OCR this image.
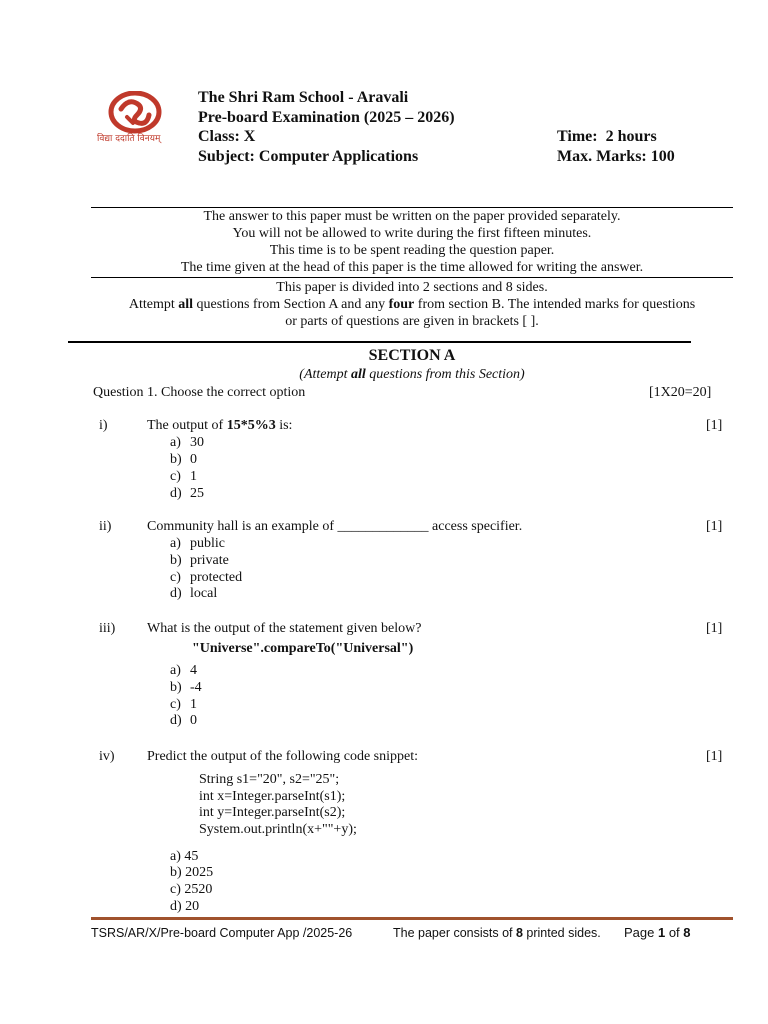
विद्या ददाति विनयम्
The Shri Ram School - Aravali
Pre-board Examination (2025 – 2026)
Class: X
Subject: Computer Applications
Time:  2 hours
Max. Marks: 100
The answer to this paper must be written on the paper provided separately.
You will not be allowed to write during the first fifteen minutes.
This time is to be spent reading the question paper.
The time given at the head of this paper is the time allowed for writing the answer.
This paper is divided into 2 sections and 8 sides.
Attempt all questions from Section A and any four from section B. The intended marks for questions
or parts of questions are given in brackets [ ].
SECTION A
(Attempt all questions from this Section)
Question 1. Choose the correct option	[1X20=20]
i)	The output of 15*5%3 is:	[1]
a) 30
b) 0
c) 1
d) 25
ii)	Community hall is an example of _____________ access specifier.	[1]
a) public
b) private
c) protected
d) local
iii) What is the output of the statement given below?	[1]
"Universe".compareTo("Universal")
a) 4
b) -4
c) 1
d) 0
iv) Predict the output of the following code snippet:	[1]
String s1="20", s2="25";
int x=Integer.parseInt(s1);
int y=Integer.parseInt(s2);
System.out.println(x+""+y);
a) 45
b) 2025
c) 2520
d) 20
TSRS/AR/X/Pre-board Computer App /2025-26	The paper consists of 8 printed sides. Page 1 of 8
